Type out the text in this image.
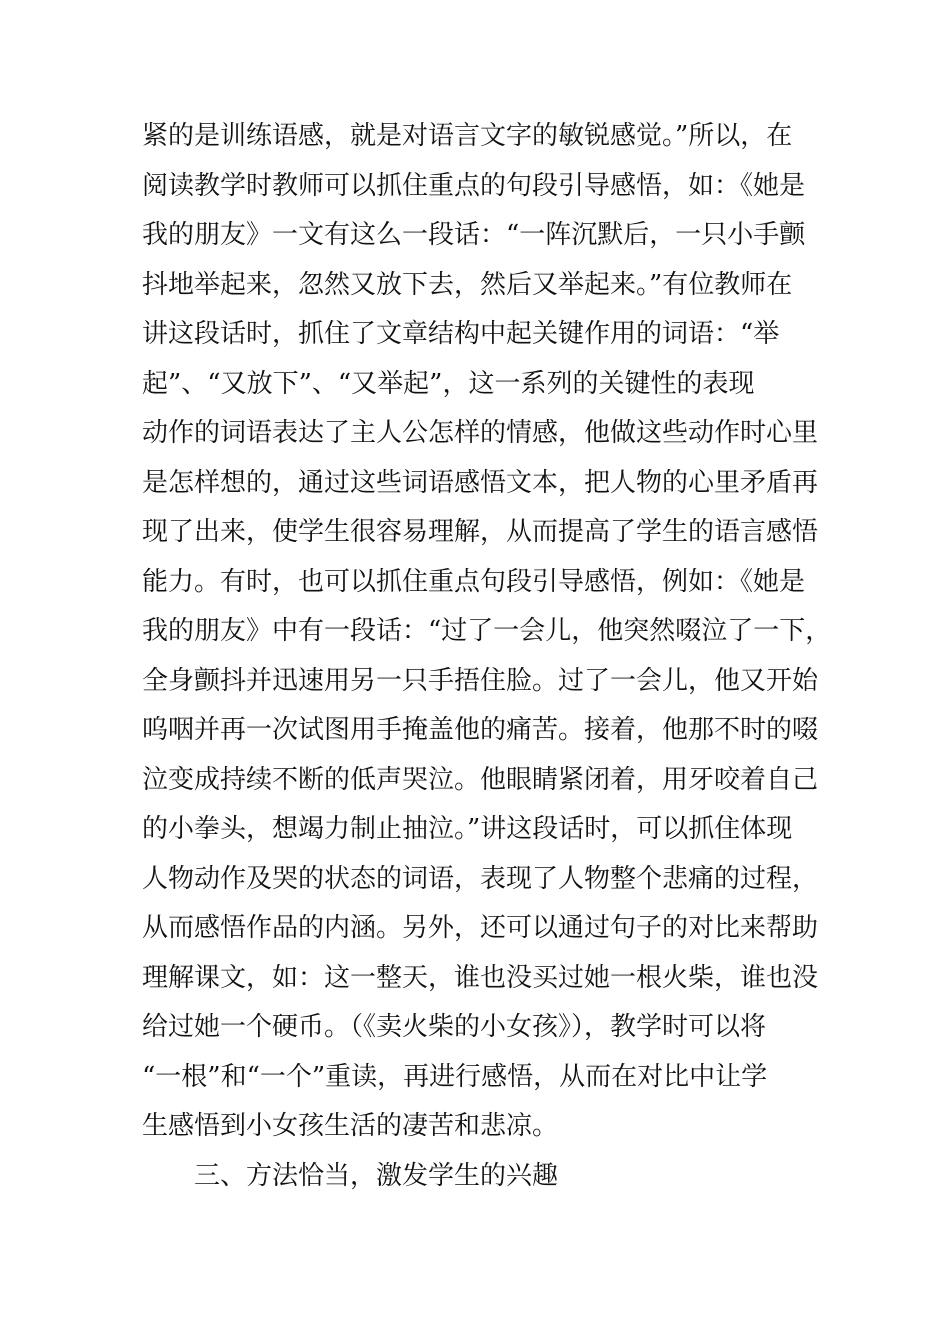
紧的是训练语感，就是对语言文字的敏锐感觉。”所以，在
阅读教学时教师可以抓住重点的句段引导感悟，如：《她是
我的朋友》一文有这么一段话：“一阵沉默后，一只小手颤
抖地举起来，忽然又放下去，然后又举起来。”有位教师在
讲这段话时，抓住了文章结构中起关键作用的词语：“举
起”、“又放下”、“又举起”，这一系列的关键性的表现
动作的词语表达了主人公怎样的情感，他做这些动作时心里
是怎样想的，通过这些词语感悟文本，把人物的心里矛盾再
现了出来，使学生很容易理解，从而提高了学生的语言感悟
能力。有时，也可以抓住重点句段引导感悟，例如：《她是
我的朋友》中有一段话：“过了一会儿，他突然啜泣了一下，
全身颤抖并迅速用另一只手捂住脸。过了一会儿，他又开始
呜咽并再一次试图用手掩盖他的痛苦。接着，他那不时的啜
泣变成持续不断的低声哭泣。他眼睛紧闭着，用牙咬着自己
的小拳头，想竭力制止抽泣。”讲这段话时，可以抓住体现
人物动作及哭的状态的词语，表现了人物整个悲痛的过程，
从而感悟作品的内涵。另外，还可以通过句子的对比来帮助
理解课文，如：这一整天，谁也没买过她一根火柴，谁也没
给过她一个硬币。（《卖火柴的小女孩》），教学时可以将
“一根”和“一个”重读，再进行感悟，从而在对比中让学
生感悟到小女孩生活的凄苦和悲凉。
三、方法恰当，激发学生的兴趣
